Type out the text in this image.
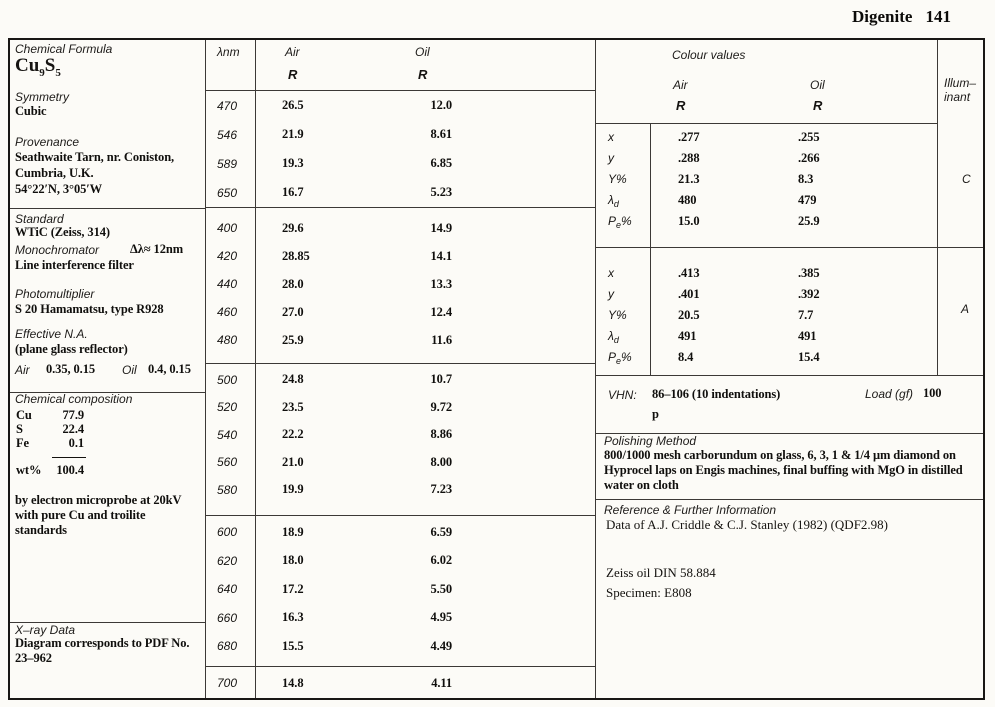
Digenite 141
Chemical Formula
$Cu_9S_5$
Symmetry
Cubic
Provenance
Seathwaite Tarn, nr. Coniston,
Cumbria, U.K.
54°22′N, 3°05′W
Standard
WTiC (Zeiss, 314)
Monochromator Δλ≈ 12nm
Line interference filter
Photomultiplier
S 20 Hamamatsu, type R928
Effective N.A.
(plane glass reflector)
Air 0.35, 0.15 Oil 0.4, 0.15
Chemical composition
Cu	77.9
S	22.4
Fe	0.1
wt%	100.4
by electron microprobe at 20kV
with pure Cu and troilite
standards
X–ray Data
Diagram corresponds to PDF No.
23–962
λnm	Air	Oil
R	R
470	26.5	12.0
546	21.9	8.61
589	19.3	6.85
650	16.7	5.23
400	29.6	14.9
420	28.85	14.1
440	28.0	13.3
460	27.0	12.4
480	25.9	11.6
500	24.8	10.7
520	23.5	9.72
540	22.2	8.86
560	21.0	8.00
580	19.9	7.23
600	18.9	6.59
620	18.0	6.02
640	17.2	5.50
660	16.3	4.95
680	15.5	4.49
700	14.8	4.11
Colour values
Air	Oil
R	R
Illum–
inant
x	.277	.255
y	.288	.266
Y%	21.3	8.3
$\lambda_d$	480	479
$P_e\%$	15.0	25.9
C
x	.413	.385
y	.401	.392
Y%	20.5	7.7
$\lambda_d$	491	491
$P_e\%$	8.4	15.4
A
VHN: 86–106 (10 indentations)
p
Load (gf) 100
Polishing Method
800/1000 mesh carborundum on glass, 6, 3, 1 & 1/4 μm diamond on
Hyprocel laps on Engis machines, final buffing with MgO in distilled
water on cloth
Reference & Further Information
Data of A.J. Criddle & C.J. Stanley (1982) (QDF2.98)
Zeiss oil DIN 58.884
Specimen: E808
